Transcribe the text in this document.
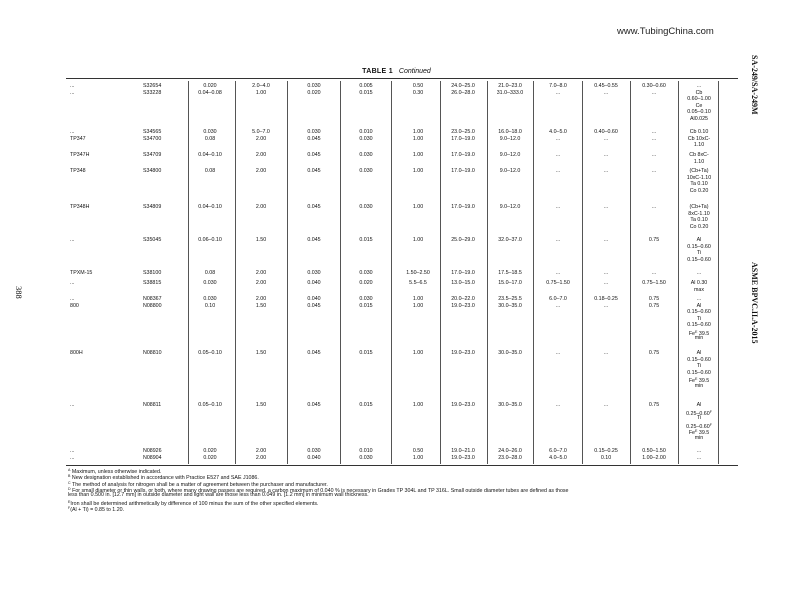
www.TubingChina.com
SA-249/SA-249M
ASME BPVC.II.A-2015
388
TABLE 1 Continued
...	S32654	0.020	2.0–4.0	0.030	0.005	0.50	24.0–25.0	21.0–23.0	7.0–8.0	0.45–0.55	0.30–0.60	...
...	S33228	0.04–0.08	1.00	0.020	0.015	0.30	26.0–28.0	31.0–333.0	...	...	...	Cb
0.60–1.00
Ce
0.05–0.10
Al0.025
...	S34565	0.030	5.0–7.0	0.030	0.010	1.00	23.0–25.0	16.0–18.0	4.0–5.0	0.40–0.60	...	Cb 0.10
TP347	S34700	0.08	2.00	0.045	0.030	1.00	17.0–19.0	9.0–12.0	...	...	...	Cb 10xC-
1.10
TP347H	S34709	0.04–0.10	2.00	0.045	0.030	1.00	17.0–19.0	9.0–12.0	...	...	...	Cb 8xC-
1.10
TP348	S34800	0.08	2.00	0.045	0.030	1.00	17.0–19.0	9.0–12.0	...	...	...	(Cb+Ta)
10xC-1.10
Ta 0.10
Co 0.20
TP348H	S34809	0.04–0.10	2.00	0.045	0.030	1.00	17.0–19.0	9.0–12.0	...	...	...	(Cb+Ta)
8xC-1.10
Ta 0.10
Co 0.20
...	S35045	0.06–0.10	1.50	0.045	0.015	1.00	25.0–29.0	32.0–37.0	...	...	0.75	Al
0.15–0.60
Ti
0.15–0.60
TPXM-15	S38100	0.08	2.00	0.030	0.030	1.50–2.50	17.0–19.0	17.5–18.5	...	...	...	...
...	S38815	0.030	2.00	0.040	0.020	5.5–6.5	13.0–15.0	15.0–17.0	0.75–1.50	...	0.75–1.50	Al 0.30
max
...	N08367	0.030	2.00	0.040	0.030	1.00	20.0–22.0	23.5–25.5	6.0–7.0	0.18–0.25	0.75	...
800	N08800	0.10	1.50	0.045	0.015	1.00	19.0–23.0	30.0–35.0	...	...	0.75	Al
0.15–0.60
Ti
0.15–0.60
$Fe^E$ 39.5
min
800H	N08810	0.05–0.10	1.50	0.045	0.015	1.00	19.0–23.0	30.0–35.0	...	...	0.75	Al
0.15–0.60
Ti
0.15–0.60
$Fe^E$ 39.5
min
...	N08811	0.05–0.10	1.50	0.045	0.015	1.00	19.0–23.0	30.0–35.0	...	...	0.75	Al
$0.25-0.60^F$
Ti
$0.25-0.60^F$
$Fe^E$ 39.5
min
...	N08926	0.020	2.00	0.030	0.010	0.50	19.0–21.0	24.0–26.0	6.0–7.0	0.15–0.25	0.50–1.50	...
...	N08904	0.020	2.00	0.040	0.030	1.00	19.0–23.0	23.0–28.0	4.0–5.0	0.10	1.00–2.00	...
$^A$ Maximum, unless otherwise indicated.
$^B$ New designation established in accordance with Practice E527 and SAE J1086.
$^C$ The method of analysis for nitrogen shall be a matter of agreement between the purchaser and manufacturer.
$^D$ For small diameter or thin walls, or both, where many drawing passes are required, a carbon maximum of 0.040 % is necessary in Grades TP 304L and TP 316L. Small outside diameter tubes are defined as those
less than 0.500 in. [12.7 mm] in outside diameter and light wall are those less than 0.049 in. [1.2 mm] in minimum wall thickness.
$^E$Iron shall be determined arithmetically by difference of 100 minus the sum of the other specified elements.
$^F$(Al + Ti) = 0.85 to 1.20.
